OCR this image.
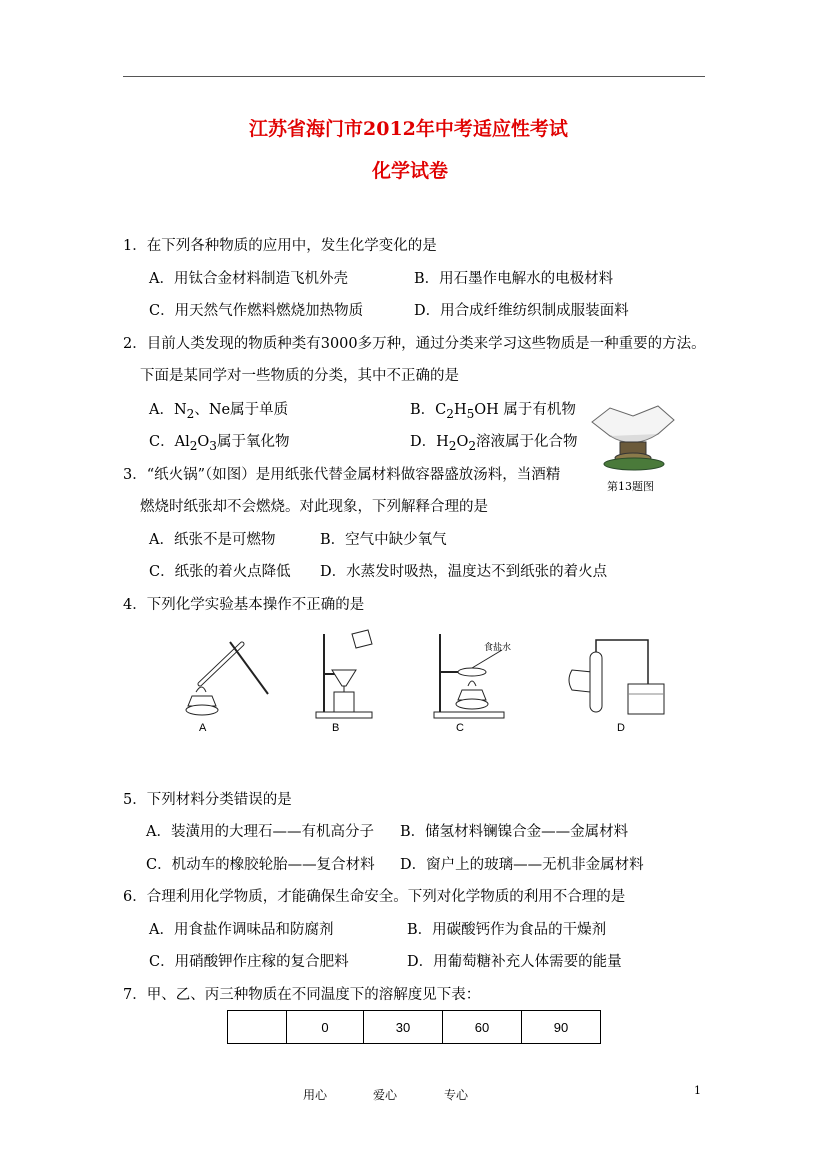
江苏省海门市2012年中考适应性考试
化学试卷
1．在下列各种物质的应用中，发生化学变化的是
A．用钛合金材料制造飞机外壳	B．用石墨作电解水的电极材料
C．用天然气作燃料燃烧加热物质	D．用合成纤维纺织制成服装面料
2．目前人类发现的物质种类有3000多万种，通过分类来学习这些物质是一种重要的方法。
下面是某同学对一些物质的分类，其中不正确的是
A．$N_2$、Ne属于单质	B．$C_2H_5OH$ 属于有机物
C．$Al_2O_3$属于氧化物	D．$H_2O_2$溶液属于化合物
第13题图
3．“纸火锅”（如图）是用纸张代替金属材料做容器盛放汤料，当酒精
燃烧时纸张却不会燃烧。对此现象，下列解释合理的是
A．纸张不是可燃物	B．空气中缺少氧气
C．纸张的着火点降低 D．水蒸发时吸热，温度达不到纸张的着火点
4．下列化学实验基本操作不正确的是
食盐水
A	B	C	D
5．下列材料分类错误的是
A．装潢用的大理石——有机高分子 B．储氢材料镧镍合金——金属材料
C．机动车的橡胶轮胎——复合材料 D．窗户上的玻璃——无机非金属材料
6．合理利用化学物质，才能确保生命安全。下列对化学物质的利用不合理的是
A．用食盐作调味品和防腐剂	B．用碳酸钙作为食品的干燥剂
C．用硝酸钾作庄稼的复合肥料	D．用葡萄糖补充人体需要的能量
7．甲、乙、丙三种物质在不同温度下的溶解度见下表：
	0	30	60	90
用心	爱心	专心	1
